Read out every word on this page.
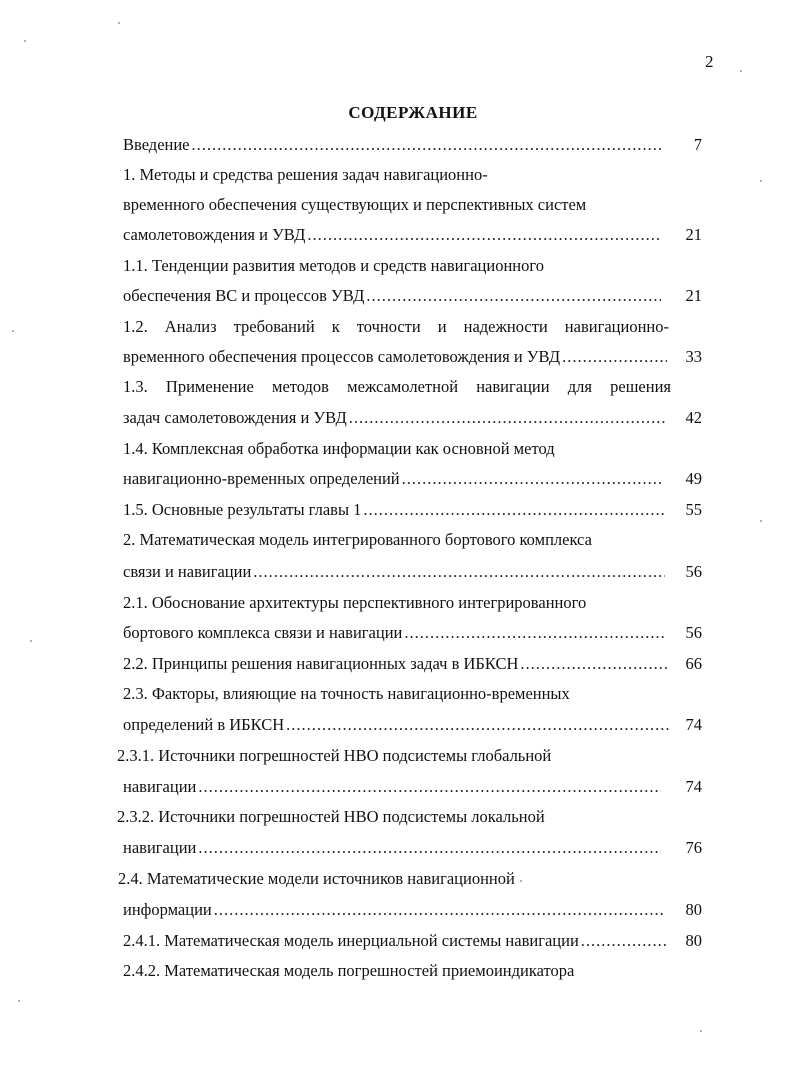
2
СОДЕРЖАНИЕ
Введение .....	7
1. Методы и средства решения задач навигационно-
временного обеспечения существующих и перспективных систем
самолетовождения и УВД .....	21
1.1. Тенденции развития методов и средств навигационного
обеспечения ВС и процессов УВД .....	21
1.2. Анализ требований к точности и надежности навигационно-
временного обеспечения процессов самолетовождения и УВД .....	33
1.3. Применение методов межсамолетной навигации для решения
задач самолетовождения и УВД .....	42
1.4. Комплексная обработка информации как основной метод
навигационно-временных определений .....	49
1.5. Основные результаты главы 1 .....	55
2. Математическая модель интегрированного бортового комплекса
связи и навигации .....	56
2.1. Обоснование архитектуры перспективного интегрированного
бортового комплекса связи и навигации .....	56
2.2. Принципы решения навигационных задач в ИБКСН .....	66
2.3. Факторы, влияющие на точность навигационно-временных
определений в ИБКСН .....	74
2.3.1. Источники погрешностей НВО подсистемы глобальной
навигации .....	74
2.3.2. Источники погрешностей НВО подсистемы локальной
навигации .....	76
2.4. Математические модели источников навигационной
информации .....	80
2.4.1. Математическая модель инерциальной системы навигации .....	80
2.4.2. Математическая модель погрешностей приемоиндикатора
